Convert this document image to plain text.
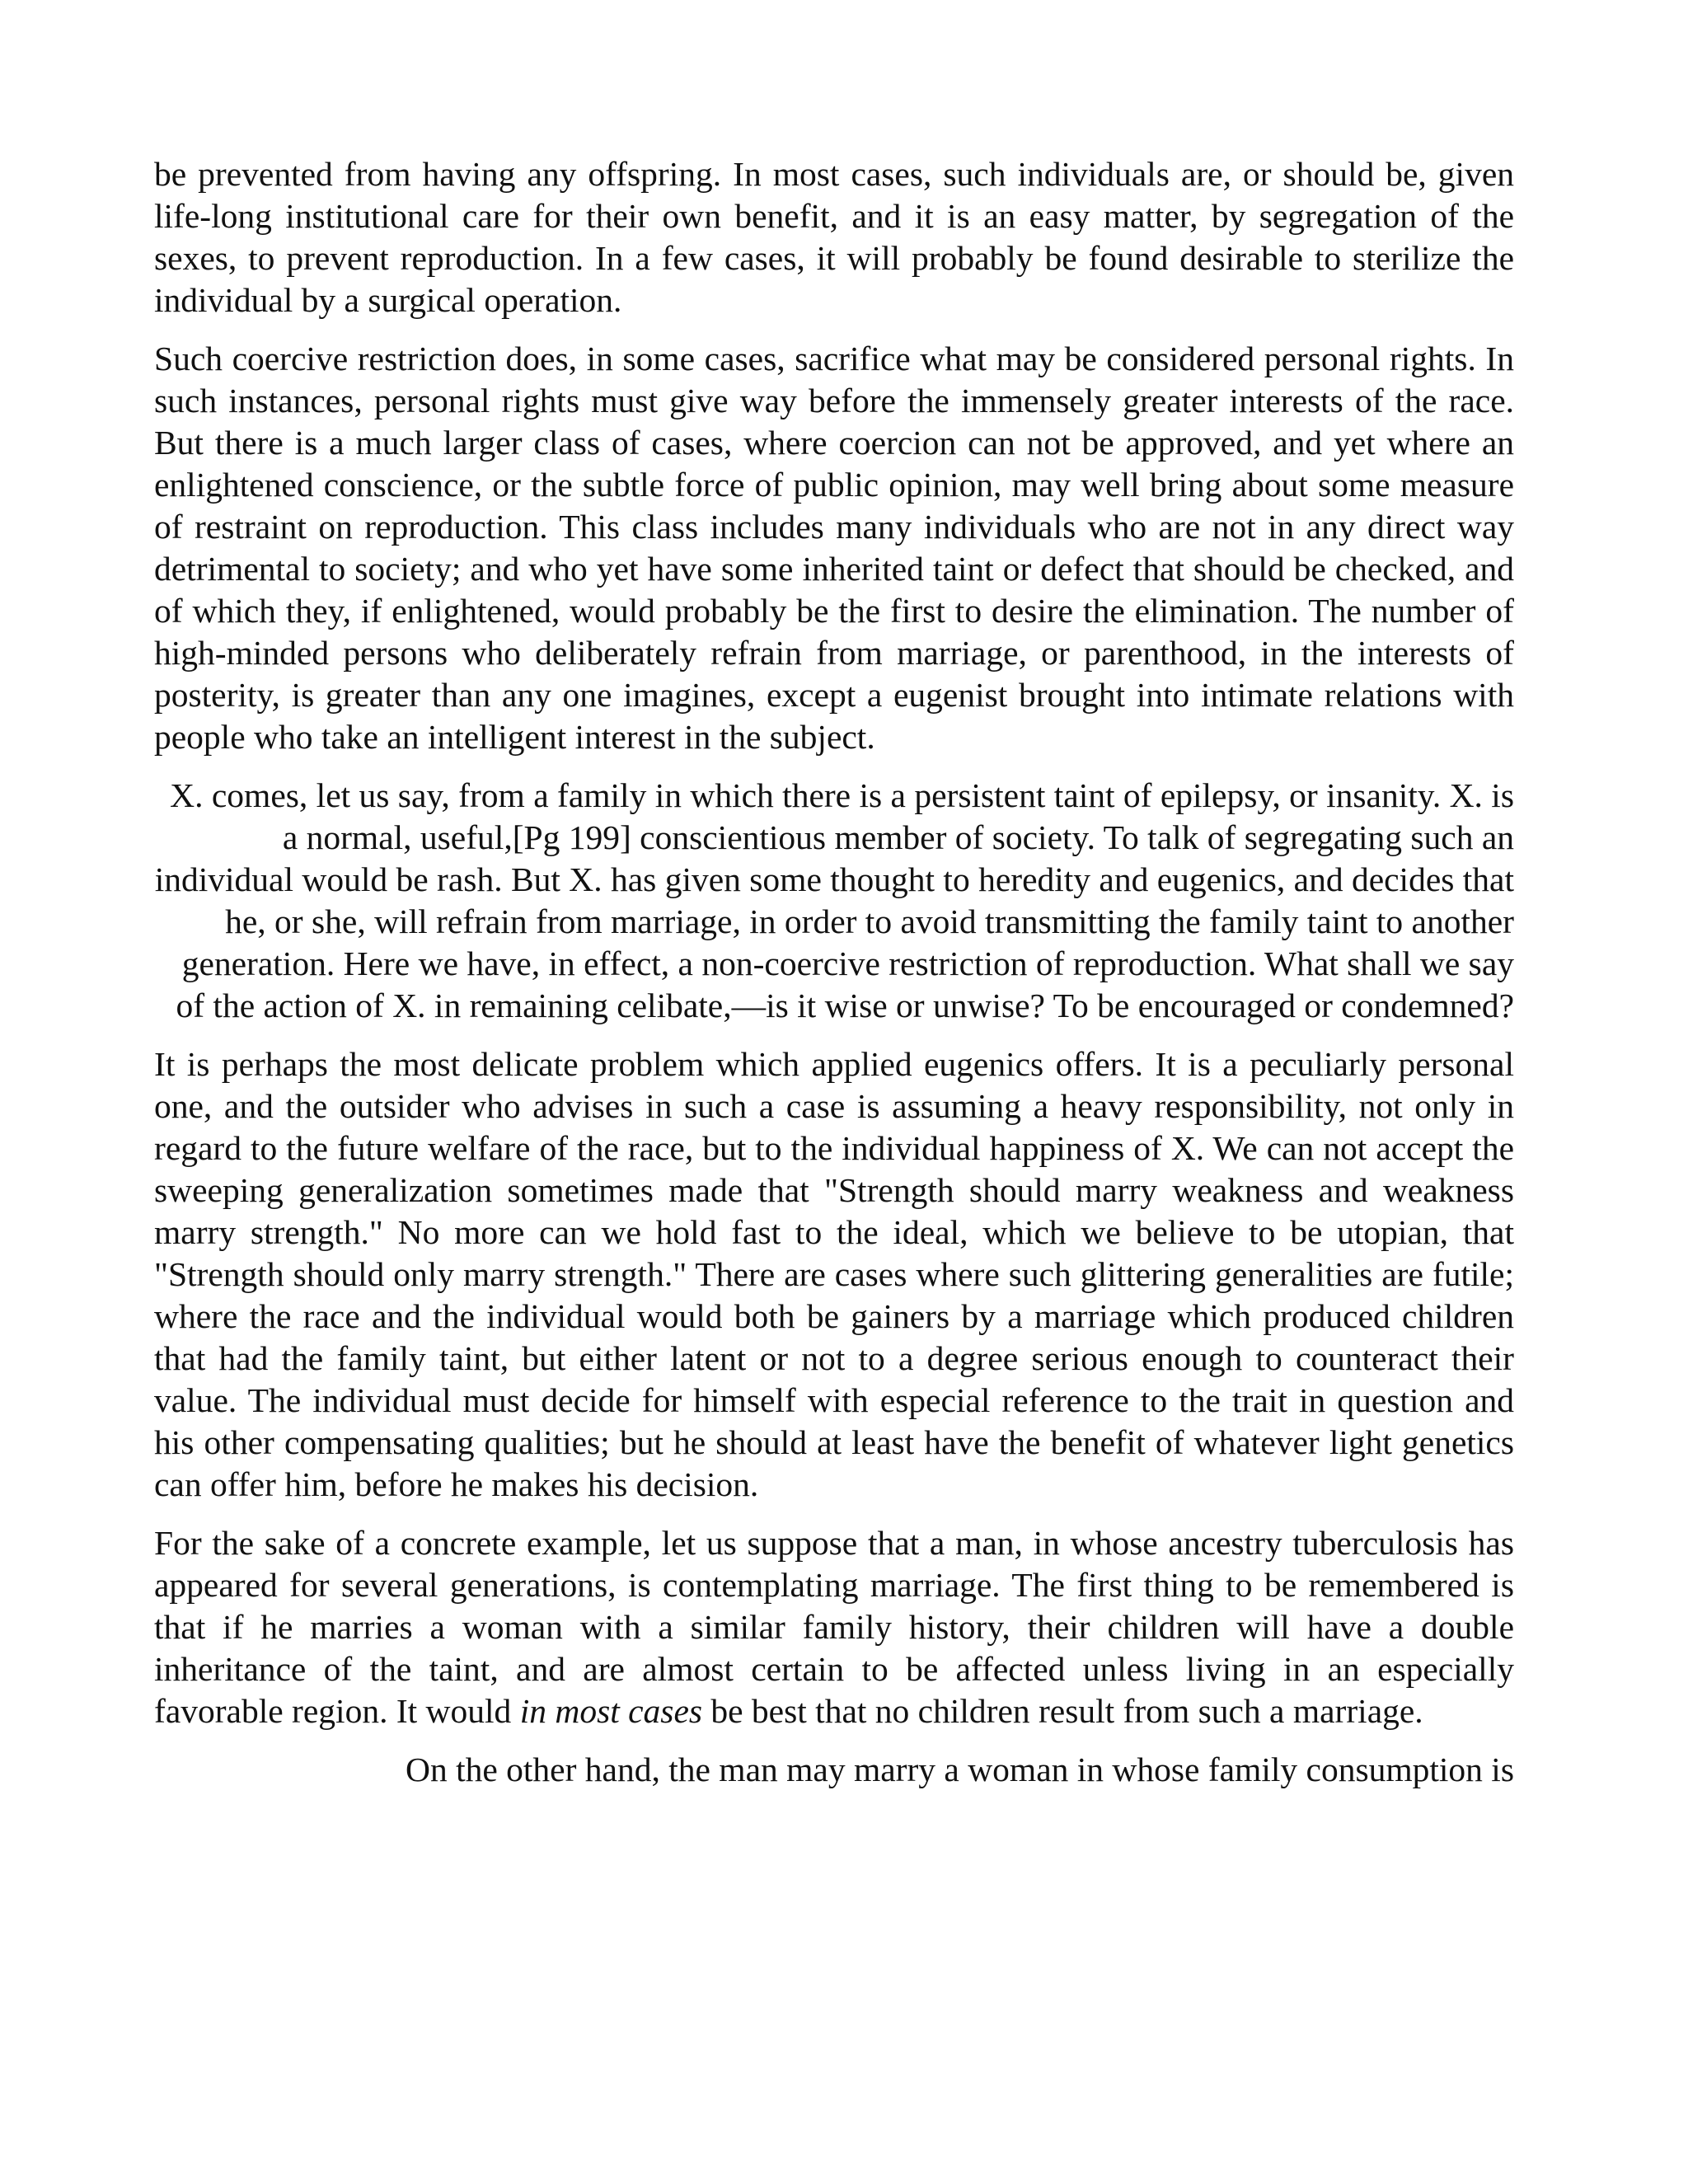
be prevented from having any offspring. In most cases, such individuals are, or should be, given life-long institutional care for their own benefit, and it is an easy matter, by segregation of the sexes, to prevent reproduction. In a few cases, it will probably be found desirable to sterilize the individual by a surgical operation.

Such coercive restriction does, in some cases, sacrifice what may be considered personal rights. In such instances, personal rights must give way before the immensely greater interests of the race. But there is a much larger class of cases, where coercion can not be approved, and yet where an enlightened conscience, or the subtle force of public opinion, may well bring about some measure of restraint on reproduction. This class includes many individuals who are not in any direct way detrimental to society; and who yet have some inherited taint or defect that should be checked, and of which they, if enlightened, would probably be the first to desire the elimination. The number of high-minded persons who deliberately refrain from marriage, or parenthood, in the interests of posterity, is greater than any one imagines, except a eugenist brought into intimate relations with people who take an intelligent interest in the subject.

X. comes, let us say, from a family in which there is a persistent taint of epilepsy, or insanity. X. is a normal, useful,[Pg 199] conscientious member of society. To talk of segregating such an individual would be rash. But X. has given some thought to heredity and eugenics, and decides that he, or she, will refrain from marriage, in order to avoid transmitting the family taint to another generation. Here we have, in effect, a non-coercive restriction of reproduction. What shall we say of the action of X. in remaining celibate,—is it wise or unwise? To be encouraged or condemned?

It is perhaps the most delicate problem which applied eugenics offers. It is a peculiarly personal one, and the outsider who advises in such a case is assuming a heavy responsibility, not only in regard to the future welfare of the race, but to the individual happiness of X. We can not accept the sweeping generalization sometimes made that "Strength should marry weakness and weakness marry strength." No more can we hold fast to the ideal, which we believe to be utopian, that "Strength should only marry strength." There are cases where such glittering generalities are futile; where the race and the individual would both be gainers by a marriage which produced children that had the family taint, but either latent or not to a degree serious enough to counteract their value. The individual must decide for himself with especial reference to the trait in question and his other compensating qualities; but he should at least have the benefit of whatever light genetics can offer him, before he makes his decision.

For the sake of a concrete example, let us suppose that a man, in whose ancestry tuberculosis has appeared for several generations, is contemplating marriage. The first thing to be remembered is that if he marries a woman with a similar family history, their children will have a double inheritance of the taint, and are almost certain to be affected unless living in an especially favorable region. It would in most cases be best that no children result from such a marriage.

On the other hand, the man may marry a woman in whose family consumption is
